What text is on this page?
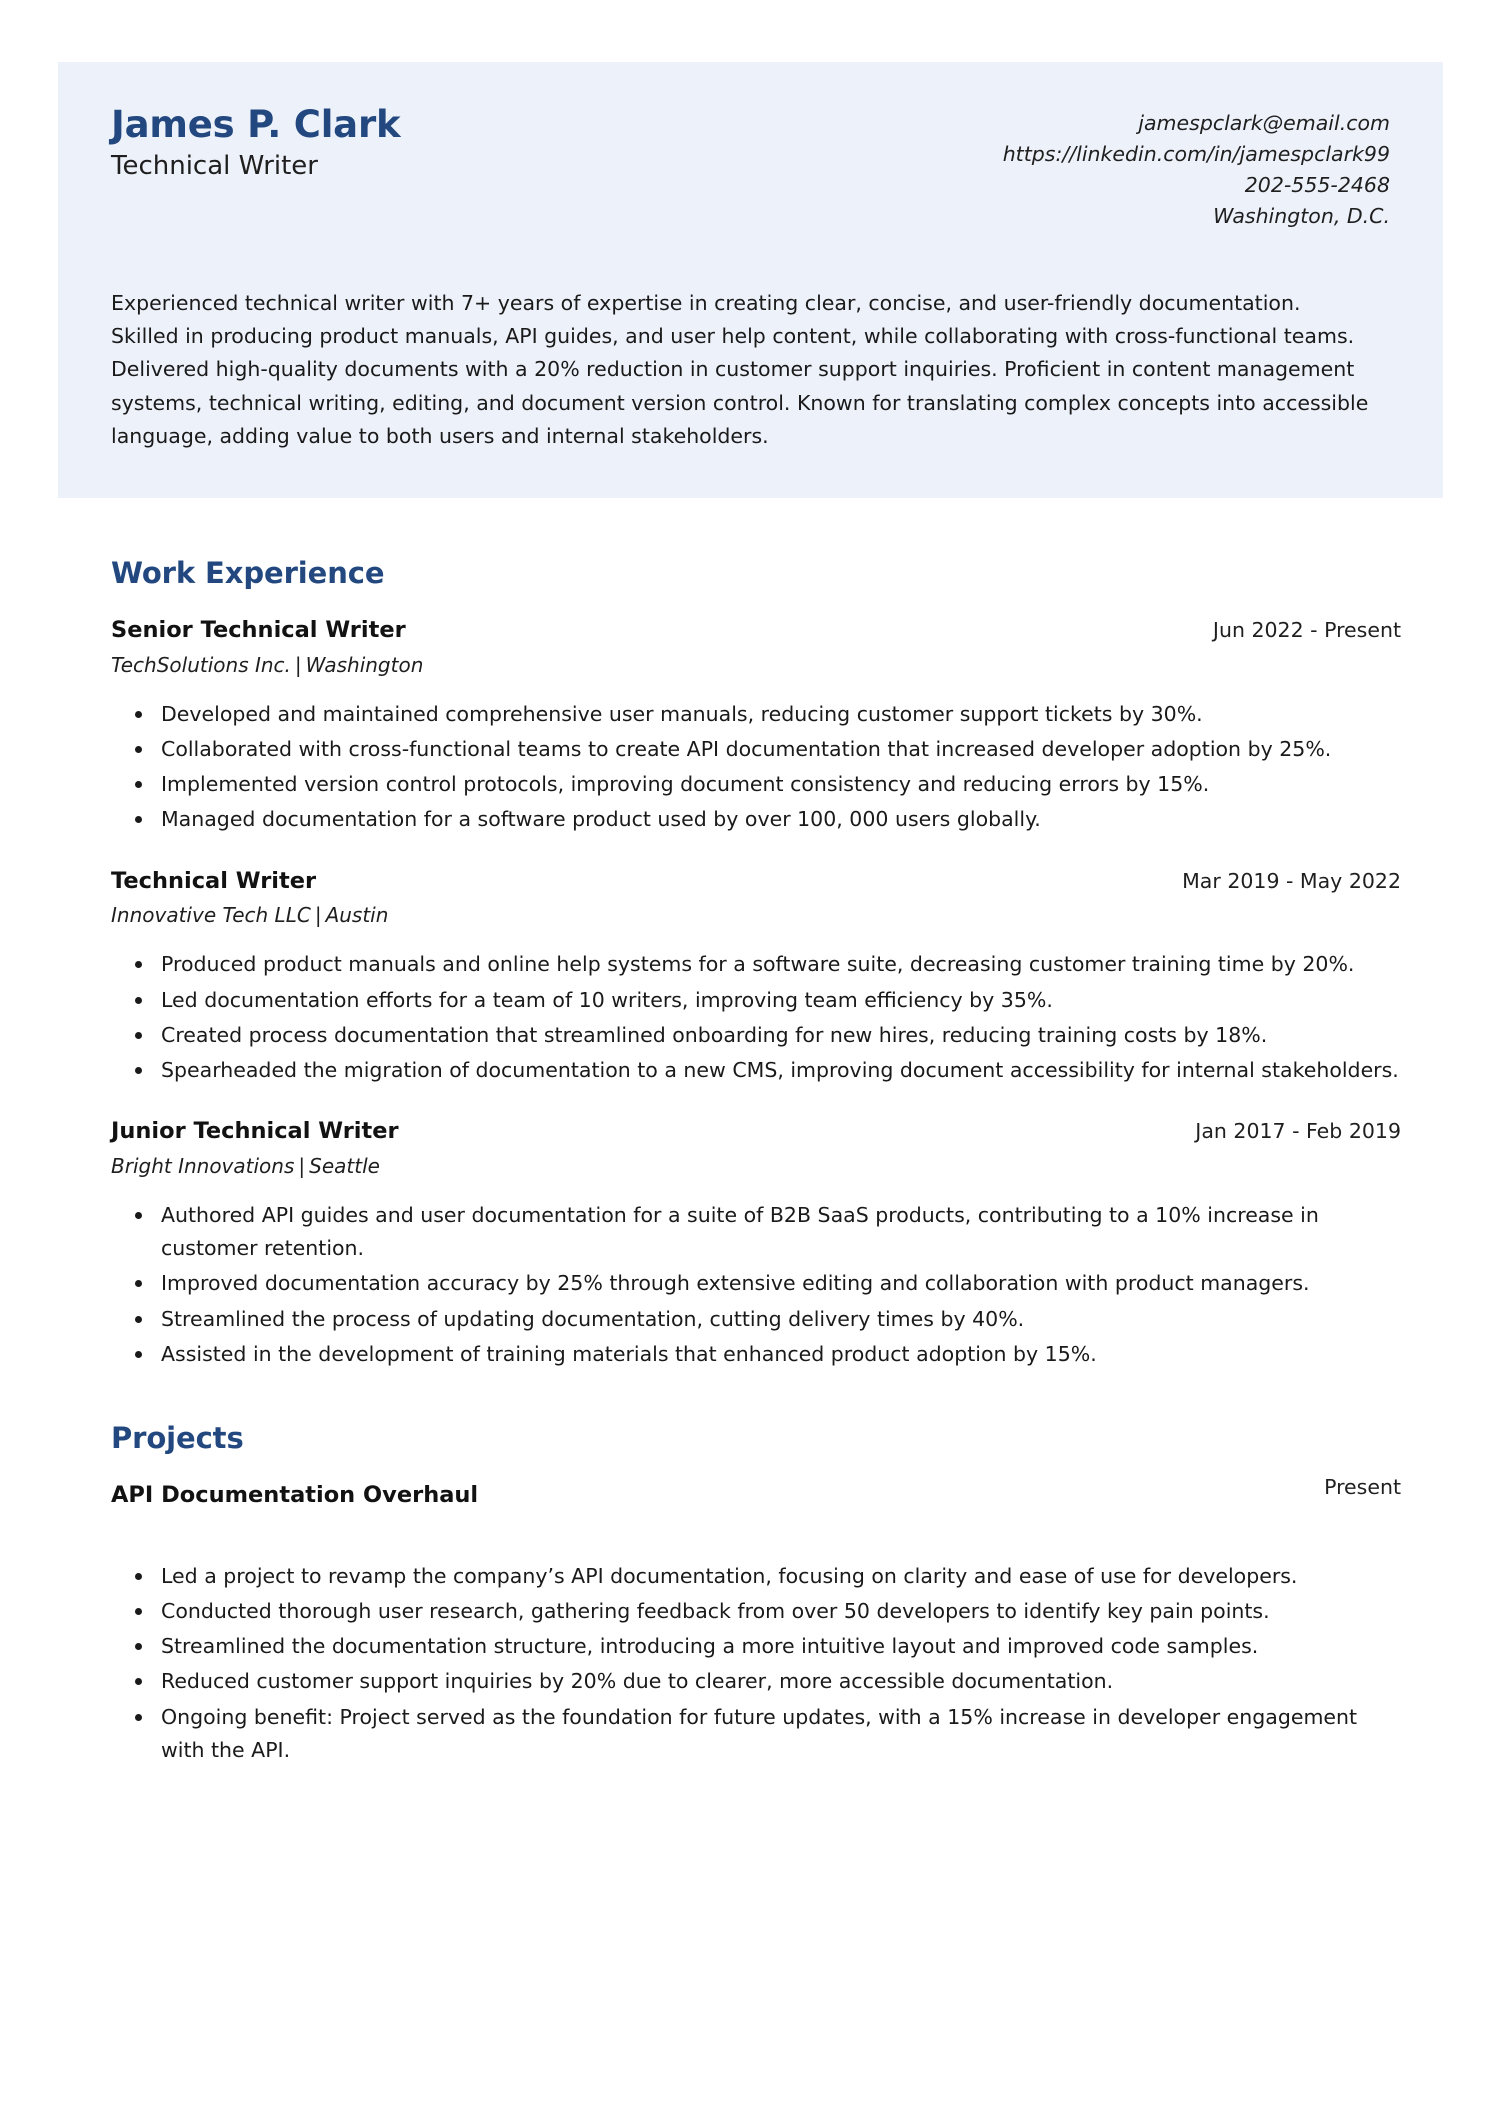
James P. Clark
Technical Writer
jamespclark@email.com
https://linkedin.com/in/jamespclark99
202-555-2468
Washington, D.C.
Experienced technical writer with 7+ years of expertise in creating clear, concise, and user-friendly documentation. Skilled in producing product manuals, API guides, and user help content, while collaborating with cross-functional teams. Delivered high-quality documents with a 20% reduction in customer support inquiries. Proficient in content management systems, technical writing, editing, and document version control. Known for translating complex concepts into accessible language, adding value to both users and internal stakeholders.
Work Experience
Senior Technical Writer	Jun 2022 - Present
TechSolutions Inc. | Washington
Developed and maintained comprehensive user manuals, reducing customer support tickets by 30%.
Collaborated with cross-functional teams to create API documentation that increased developer adoption by 25%.
Implemented version control protocols, improving document consistency and reducing errors by 15%.
Managed documentation for a software product used by over 100, 000 users globally.
Technical Writer	Mar 2019 - May 2022
Innovative Tech LLC | Austin
Produced product manuals and online help systems for a software suite, decreasing customer training time by 20%.
Led documentation efforts for a team of 10 writers, improving team efficiency by 35%.
Created process documentation that streamlined onboarding for new hires, reducing training costs by 18%.
Spearheaded the migration of documentation to a new CMS, improving document accessibility for internal stakeholders.
Junior Technical Writer	Jan 2017 - Feb 2019
Bright Innovations | Seattle
Authored API guides and user documentation for a suite of B2B SaaS products, contributing to a 10% increase in customer retention.
Improved documentation accuracy by 25% through extensive editing and collaboration with product managers.
Streamlined the process of updating documentation, cutting delivery times by 40%.
Assisted in the development of training materials that enhanced product adoption by 15%.
Projects
API Documentation Overhaul	Present
Led a project to revamp the company’s API documentation, focusing on clarity and ease of use for developers.
Conducted thorough user research, gathering feedback from over 50 developers to identify key pain points.
Streamlined the documentation structure, introducing a more intuitive layout and improved code samples.
Reduced customer support inquiries by 20% due to clearer, more accessible documentation.
Ongoing benefit: Project served as the foundation for future updates, with a 15% increase in developer engagement with the API.
